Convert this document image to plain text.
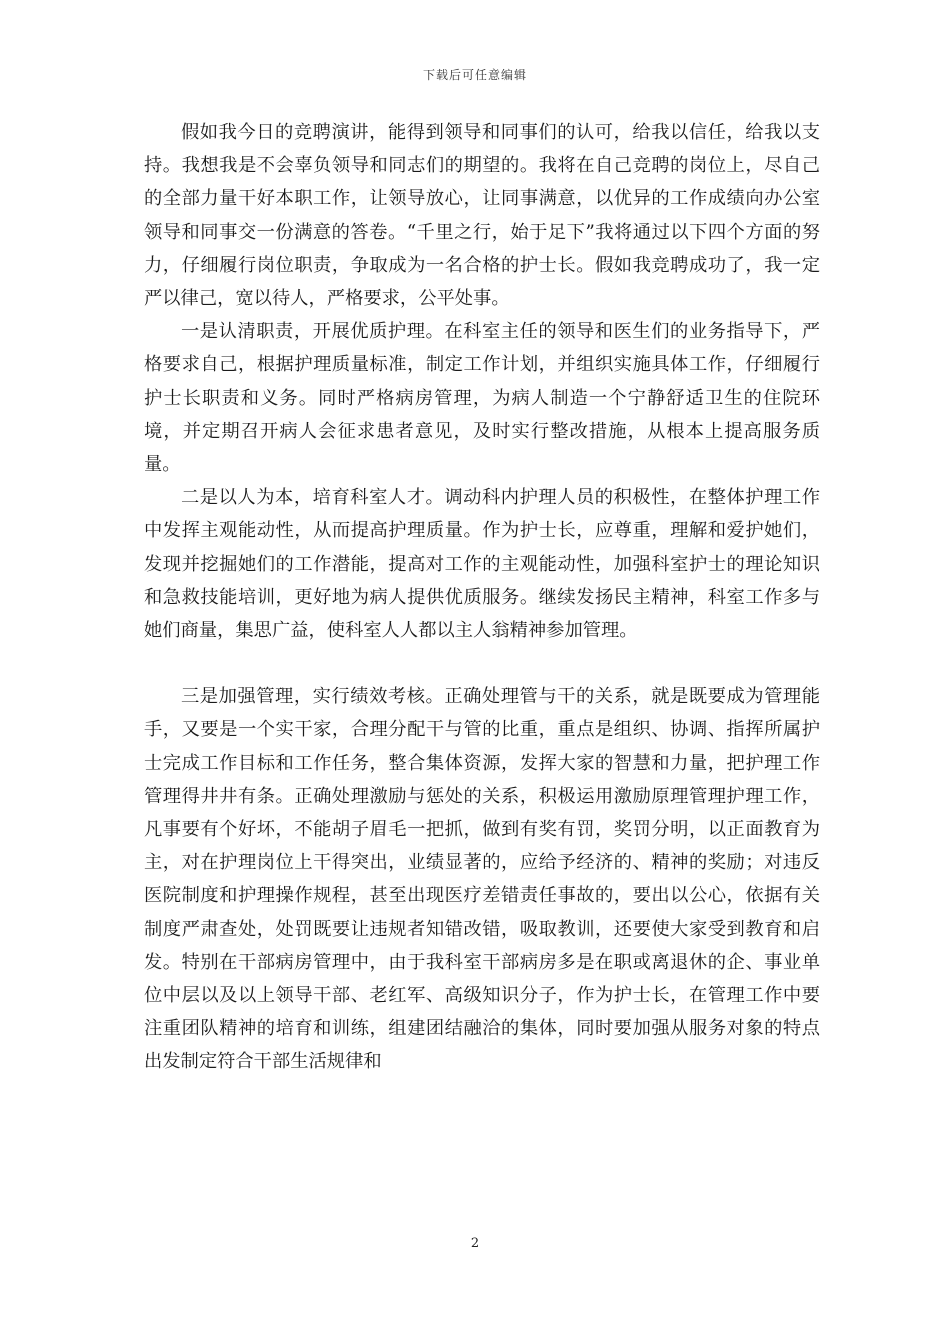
下载后可任意编辑

假如我今日的竞聘演讲，能得到领导和同事们的认可，给我以信任，给我以支持。我想我是不会辜负领导和同志们的期望的。我将在自己竞聘的岗位上，尽自己的全部力量干好本职工作，让领导放心，让同事满意，以优异的工作成绩向办公室领导和同事交一份满意的答卷。“千里之行，始于足下”我将通过以下四个方面的努力，仔细履行岗位职责，争取成为一名合格的护士长。假如我竞聘成功了，我一定严以律己，宽以待人，严格要求，公平处事。

一是认清职责，开展优质护理。在科室主任的领导和医生们的业务指导下，严格要求自己，根据护理质量标准，制定工作计划，并组织实施具体工作，仔细履行护士长职责和义务。同时严格病房管理，为病人制造一个宁静舒适卫生的住院环境，并定期召开病人会征求患者意见，及时实行整改措施，从根本上提高服务质量。

二是以人为本，培育科室人才。调动科内护理人员的积极性，在整体护理工作中发挥主观能动性，从而提高护理质量。作为护士长，应尊重，理解和爱护她们，发现并挖掘她们的工作潜能，提高对工作的主观能动性，加强科室护士的理论知识和急救技能培训，更好地为病人提供优质服务。继续发扬民主精神，科室工作多与她们商量，集思广益，使科室人人都以主人翁精神参加管理。

三是加强管理，实行绩效考核。正确处理管与干的关系，就是既要成为管理能手，又要是一个实干家，合理分配干与管的比重，重点是组织、协调、指挥所属护士完成工作目标和工作任务，整合集体资源，发挥大家的智慧和力量，把护理工作管理得井井有条。正确处理激励与惩处的关系，积极运用激励原理管理护理工作，凡事要有个好坏，不能胡子眉毛一把抓，做到有奖有罚，奖罚分明，以正面教育为主，对在护理岗位上干得突出，业绩显著的，应给予经济的、精神的奖励；对违反医院制度和护理操作规程，甚至出现医疗差错责任事故的，要出以公心，依据有关制度严肃查处，处罚既要让违规者知错改错，吸取教训，还要使大家受到教育和启发。特别在干部病房管理中，由于我科室干部病房多是在职或离退休的企、事业单位中层以及以上领导干部、老红军、高级知识分子，作为护士长，在管理工作中要注重团队精神的培育和训练，组建团结融洽的集体，同时要加强从服务对象的特点出发制定符合干部生活规律和

2
